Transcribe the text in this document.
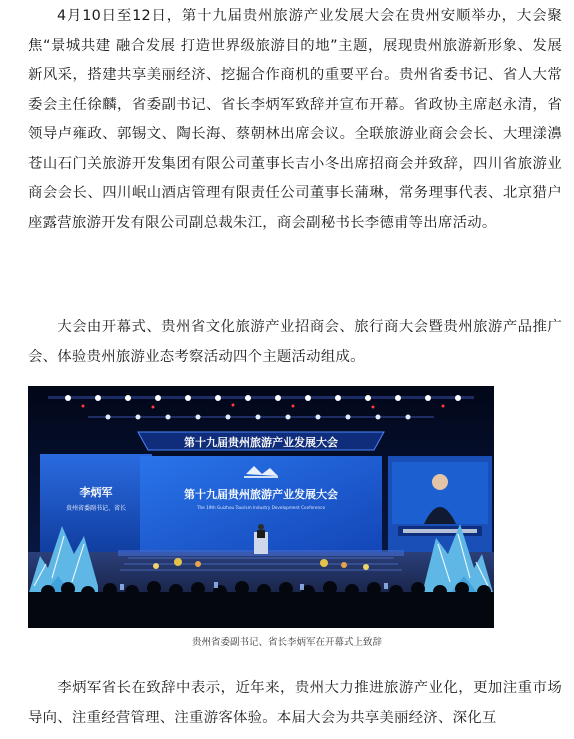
4月10日至12日，第十九届贵州旅游产业发展大会在贵州安顺举办，大会聚焦“景城共建 融合发展 打造世界级旅游目的地”主题，展现贵州旅游新形象、发展新风采，搭建共享美丽经济、挖掘合作商机的重要平台。贵州省委书记、省人大常委会主任徐麟，省委副书记、省长李炳军致辞并宣布开幕。省政协主席赵永清，省领导卢雍政、郭锡文、陶长海、蔡朝林出席会议。全联旅游业商会会长、大理漾濞苍山石门关旅游开发集团有限公司董事长吉小冬出席招商会并致辞，四川省旅游业商会会长、四川岷山酒店管理有限责任公司董事长蒲琳，常务理事代表、北京猎户座露营旅游开发有限公司副总裁朱江，商会副秘书长李德甫等出席活动。

大会由开幕式、贵州省文化旅游产业招商会、旅行商大会暨贵州旅游产品推广会、体验贵州旅游业态考察活动四个主题活动组成。

第十九届贵州旅游产业发展大会
李炳军
贵州省委副书记、省长
第十九届贵州旅游产业发展大会
The 19th Guizhou Tourism Industry Development Conference
贵州省委副书记、省长李炳军在开幕式上致辞

李炳军省长在致辞中表示，近年来，贵州大力推进旅游产业化，更加注重市场导向、注重经营管理、注重游客体验。本届大会为共享美丽经济、深化互
